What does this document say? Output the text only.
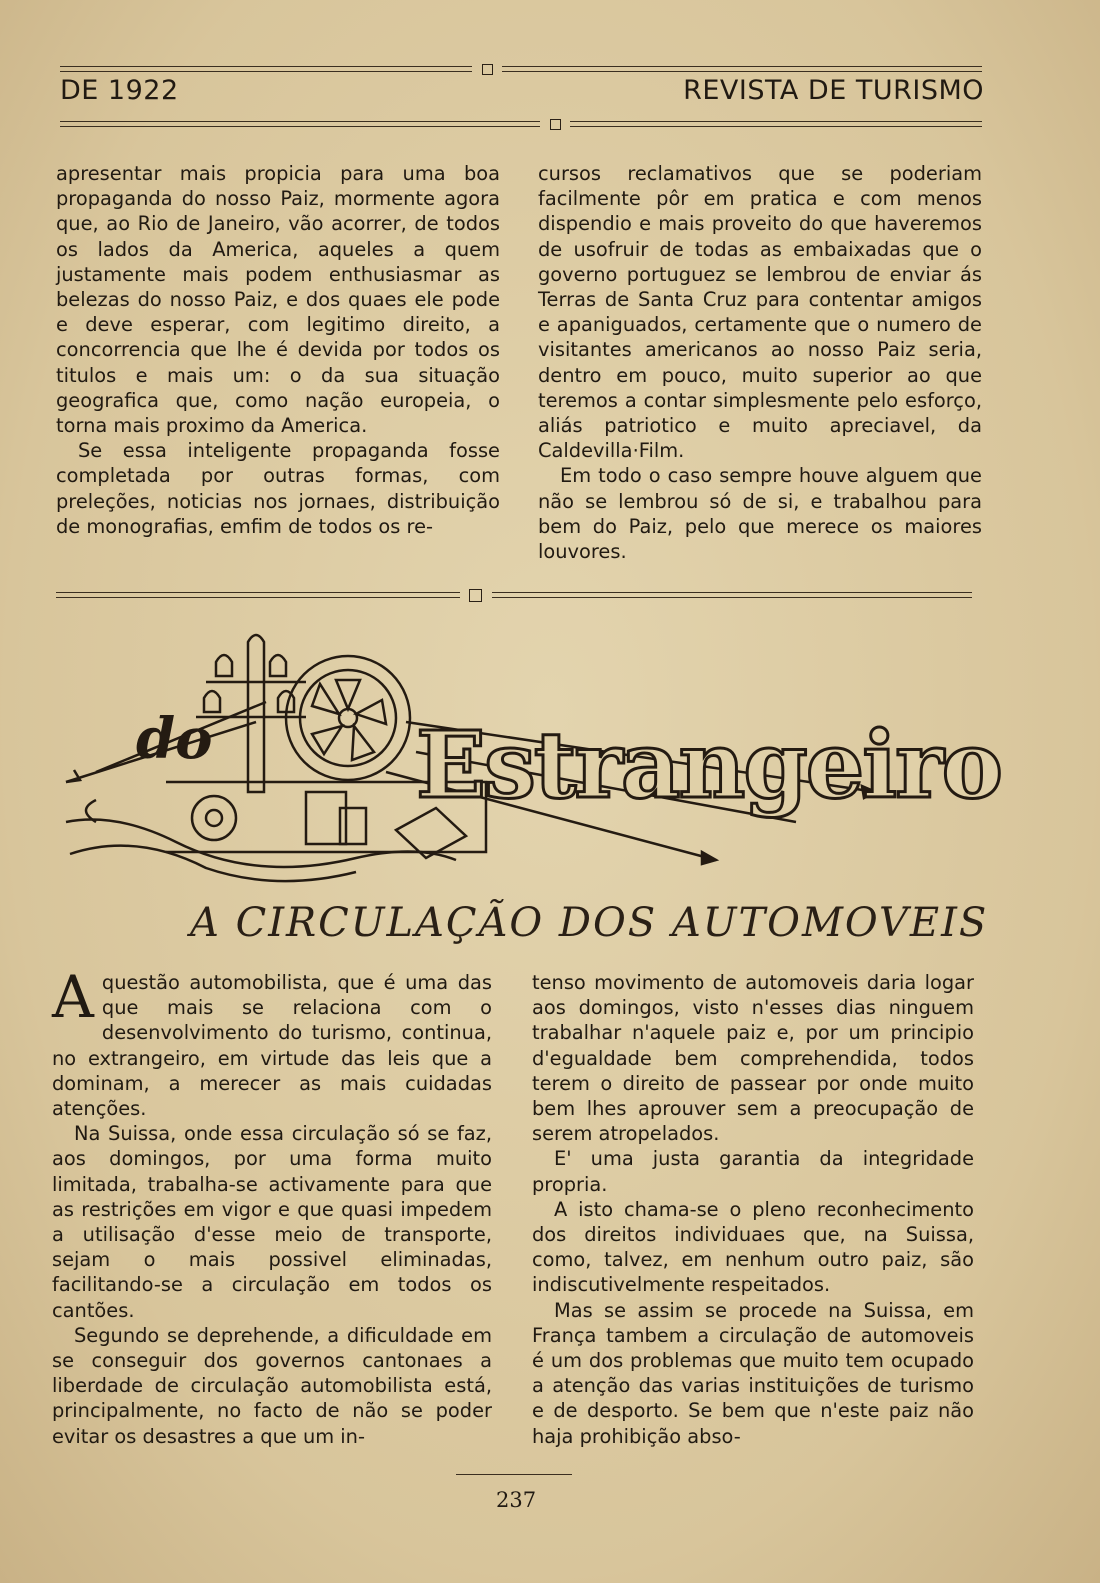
DE 1922	REVISTA DE TURISMO

apresentar mais propicia para uma boa propaganda do nosso Paiz, mormente agora que, ao Rio de Janeiro, vão acorrer, de todos os lados da America, aqueles a quem justamente mais podem enthusiasmar as belezas do nosso Paiz, e dos quaes ele pode e deve esperar, com legitimo direito, a concorrencia que lhe é devida por todos os titulos e mais um: o da sua situação geografica que, como nação europeia, o torna mais proximo da America.

Se essa inteligente propaganda fosse completada por outras formas, com preleções, noticias nos jornaes, distribuição de monografias, emfim de todos os re-

cursos reclamativos que se poderiam facilmente pôr em pratica e com menos dispendio e mais proveito do que haveremos de usofruir de todas as embaixadas que o governo portuguez se lembrou de enviar ás Terras de Santa Cruz para contentar amigos e apaniguados, certamente que o numero de visitantes americanos ao nosso Paiz seria, dentro em pouco, muito superior ao que teremos a contar simplesmente pelo esforço, aliás patriotico e muito apreciavel, da Caldevilla·Film.

Em todo o caso sempre houve alguem que não se lembrou só de si, e trabalhou para bem do Paiz, pelo que merece os maiores louvores.

do Estrangeiro
A CIRCULAÇÃO DOS AUTOMOVEIS

Aquestão automobilista, que é uma das que mais se relaciona com o desenvolvimento do turismo, continua, no extrangeiro, em virtude das leis que a dominam, a merecer as mais cuidadas atenções.

Na Suissa, onde essa circulação só se faz, aos domingos, por uma forma muito limitada, trabalha-se activamente para que as restrições em vigor e que quasi impedem a utilisação d'esse meio de transporte, sejam o mais possivel eliminadas, facilitando-se a circulação em todos os cantões.

Segundo se deprehende, a dificuldade em se conseguir dos governos cantonaes a liberdade de circulação automobilista está, principalmente, no facto de não se poder evitar os desastres a que um in-

tenso movimento de automoveis daria logar aos domingos, visto n'esses dias ninguem trabalhar n'aquele paiz e, por um principio d'egualdade bem comprehendida, todos terem o direito de passear por onde muito bem lhes aprouver sem a preocupação de serem atropelados.

E' uma justa garantia da integridade propria.

A isto chama-se o pleno reconhecimento dos direitos individuaes que, na Suissa, como, talvez, em nenhum outro paiz, são indiscutivelmente respeitados.

Mas se assim se procede na Suissa, em França tambem a circulação de automoveis é um dos problemas que muito tem ocupado a atenção das varias instituições de turismo e de desporto. Se bem que n'este paiz não haja prohibição abso-

237
